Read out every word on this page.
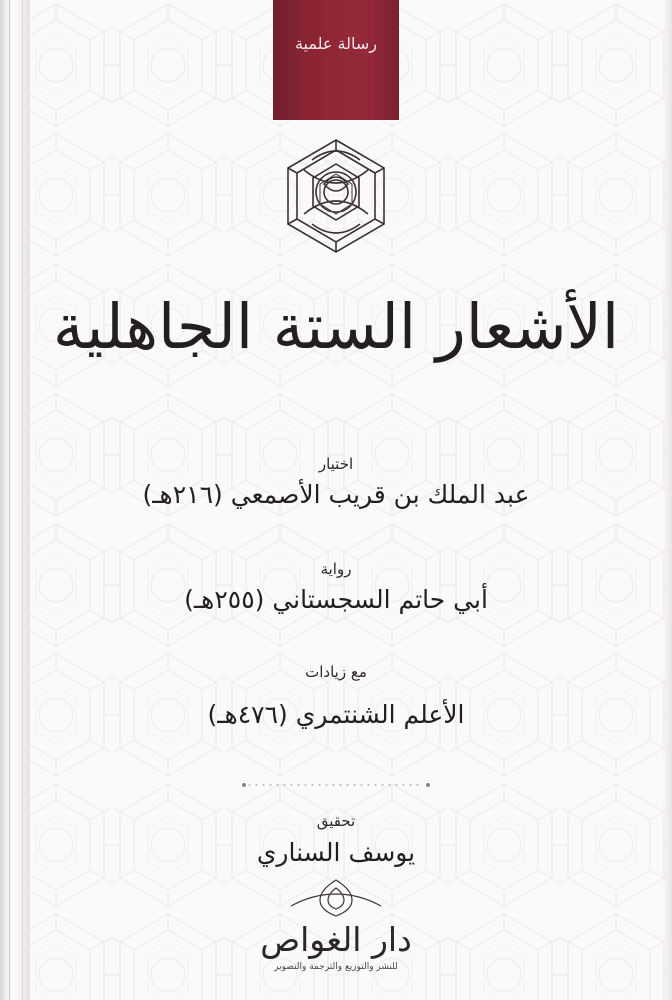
رسالة علمية
الأشعار الستة الجاهلية
اختيار
عبد الملك بن قريب الأصمعي (٢١٦هـ)
رواية
أبي حاتم السجستاني (٢٥٥هـ)
مع زيادات
الأعلم الشنتمري (٤٧٦هـ)
تحقيق
يوسف السناري
دار الغواص
للنشر والتوزيع والترجمة والتصوير
